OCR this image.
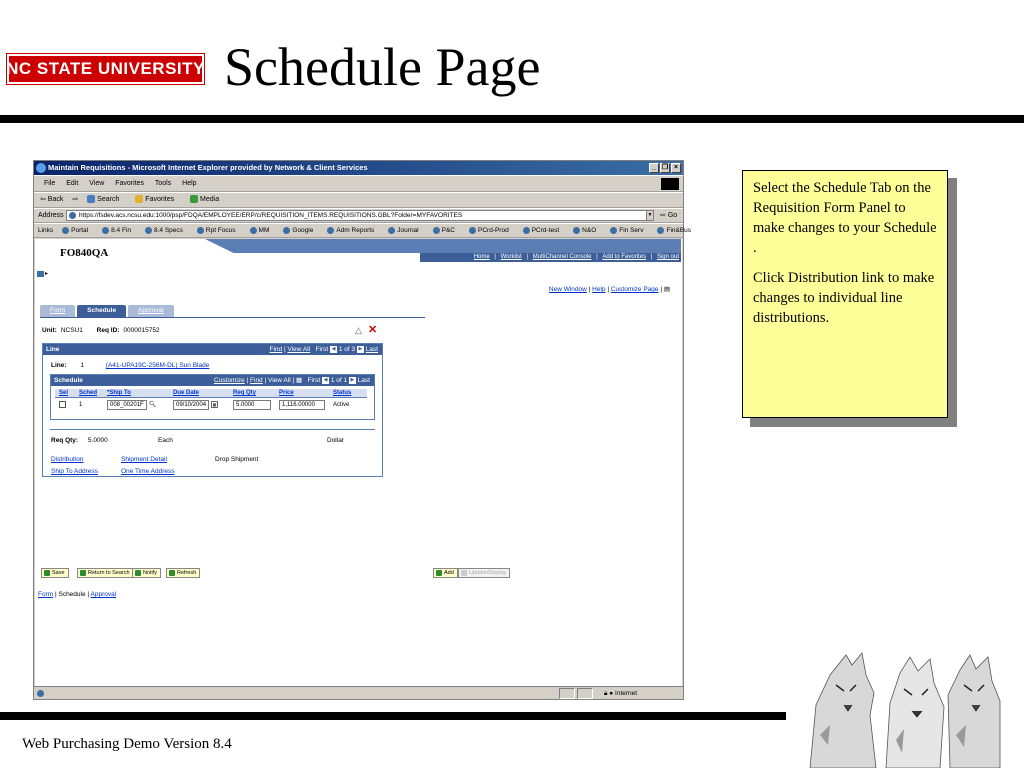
NC STATE UNIVERSITY Schedule Page
Maintain Requisitions - Microsoft Internet Explorer provided by Network & Client Services	_ ❐ ×
File Edit View Favorites Tools Help
⇦ Back ⇨	Search	Favorites	Media
Address	https://fsdev.acs.ncsu.edu:1000/psp/FDQA/EMPLOYEE/ERP/c/REQUISITION_ITEMS.REQUISITIONS.GBL?Folder=MYFAVORITES	▼ ⇨ Go
Links	Portal	8.4 Fin	8.4 Specs	Rpt Focus	MM	Google	Adm Reports	Journal	P&C	PCrd-Prod	PCrd-test	N&O	Fin Serv	Fin&Bus
FO840QA	Home | Worklist | MultiChannel Console | Add to Favorites | Sign out
▸
New Window | Help | Customize Page | ▤
Form	Schedule	Approval
Unit: NCSU1 Req ID: 0000015752	△ ✕
Line	Find | View All First ◀ 1 of 3 ▶ Last
Line: 1	(A41-UPA19C-256M-DL) Sun Blade
Schedule	Customize | Find | View All | ▦ First ◀ 1 of 1 ▶ Last
Sel	Sched	*Ship To	Due Date	Req Qty	Price	Status
	1	008_00201F 🔍︎	09/10/2004 ▦	5.0000	1,116.00000	Active
Req Qty: 5.0000	Each	Dollar
Distribution	Shipment Detail	Drop Shipment
Ship To Address	One Time Address
Save	Return to Search	Notify	Refresh	Add	Update/Display
Form | Schedule | Approval
🔒︎ ● Internet

Select the Schedule Tab on the Requisition Form Panel to make changes to your Schedule .

Click Distribution link to make changes to individual line distributions.

Web Purchasing Demo Version 8.4
